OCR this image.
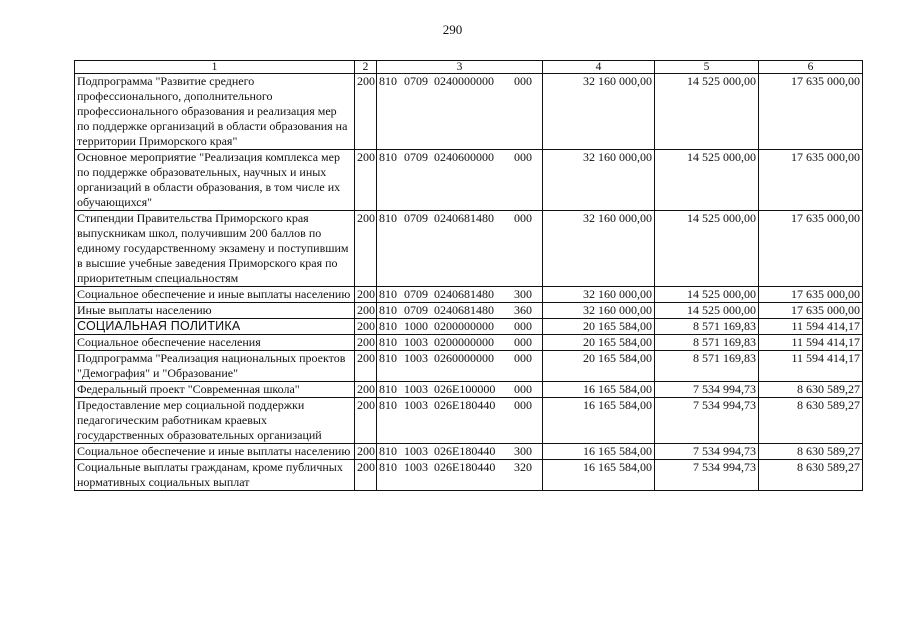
290
1	2	3	4	5	6
Подпрограмма "Развитие среднего профессионального, дополнительного профессионального образования и реализация мер по поддержке организаций в области образования на территории Приморского края"	200	810 0709 0240000000 000	32 160 000,00	14 525 000,00	17 635 000,00
Основное мероприятие "Реализация комплекса мер по поддержке образовательных, научных и иных организаций в области образования, в том числе их обучающихся"	200	810 0709 0240600000 000	32 160 000,00	14 525 000,00	17 635 000,00
Стипендии Правительства Приморского края выпускникам школ, получившим 200 баллов по единому государственному экзамену и поступившим в высшие учебные заведения Приморского края по приоритетным специальностям	200	810 0709 0240681480 000	32 160 000,00	14 525 000,00	17 635 000,00
Социальное обеспечение и иные выплаты населению	200	810 0709 0240681480 300	32 160 000,00	14 525 000,00	17 635 000,00
Иные выплаты населению	200	810 0709 0240681480 360	32 160 000,00	14 525 000,00	17 635 000,00
СОЦИАЛЬНАЯ ПОЛИТИКА	200	810 1000 0200000000 000	20 165 584,00	8 571 169,83	11 594 414,17
Социальное обеспечение населения	200	810 1003 0200000000 000	20 165 584,00	8 571 169,83	11 594 414,17
Подпрограмма "Реализация национальных проектов "Демография" и "Образование"	200	810 1003 0260000000 000	20 165 584,00	8 571 169,83	11 594 414,17
Федеральный проект "Современная школа"	200	810 1003 026E100000 000	16 165 584,00	7 534 994,73	8 630 589,27
Предоставление мер социальной поддержки педагогическим работникам краевых государственных образовательных организаций	200	810 1003 026E180440 000	16 165 584,00	7 534 994,73	8 630 589,27
Социальное обеспечение и иные выплаты населению	200	810 1003 026E180440 300	16 165 584,00	7 534 994,73	8 630 589,27
Социальные выплаты гражданам, кроме публичных нормативных социальных выплат	200	810 1003 026E180440 320	16 165 584,00	7 534 994,73	8 630 589,27
